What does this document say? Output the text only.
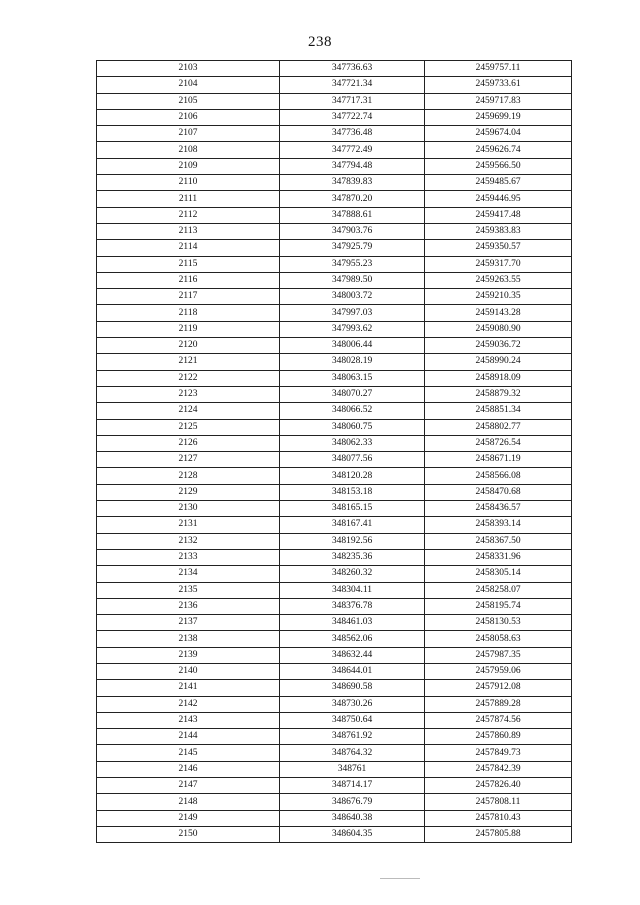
238
2103	347736.63	2459757.11
2104	347721.34	2459733.61
2105	347717.31	2459717.83
2106	347722.74	2459699.19
2107	347736.48	2459674.04
2108	347772.49	2459626.74
2109	347794.48	2459566.50
2110	347839.83	2459485.67
2111	347870.20	2459446.95
2112	347888.61	2459417.48
2113	347903.76	2459383.83
2114	347925.79	2459350.57
2115	347955.23	2459317.70
2116	347989.50	2459263.55
2117	348003.72	2459210.35
2118	347997.03	2459143.28
2119	347993.62	2459080.90
2120	348006.44	2459036.72
2121	348028.19	2458990.24
2122	348063.15	2458918.09
2123	348070.27	2458879.32
2124	348066.52	2458851.34
2125	348060.75	2458802.77
2126	348062.33	2458726.54
2127	348077.56	2458671.19
2128	348120.28	2458566.08
2129	348153.18	2458470.68
2130	348165.15	2458436.57
2131	348167.41	2458393.14
2132	348192.56	2458367.50
2133	348235.36	2458331.96
2134	348260.32	2458305.14
2135	348304.11	2458258.07
2136	348376.78	2458195.74
2137	348461.03	2458130.53
2138	348562.06	2458058.63
2139	348632.44	2457987.35
2140	348644.01	2457959.06
2141	348690.58	2457912.08
2142	348730.26	2457889.28
2143	348750.64	2457874.56
2144	348761.92	2457860.89
2145	348764.32	2457849.73
2146	348761	2457842.39
2147	348714.17	2457826.40
2148	348676.79	2457808.11
2149	348640.38	2457810.43
2150	348604.35	2457805.88
